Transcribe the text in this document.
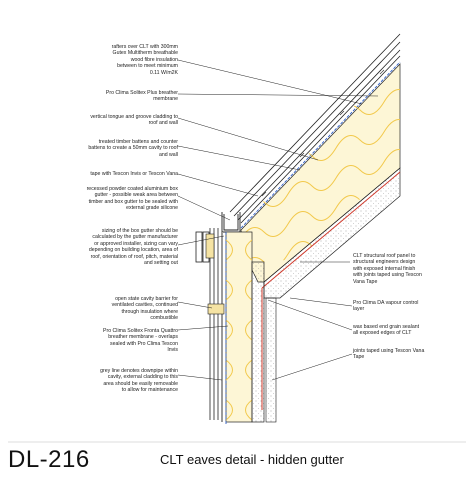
rafters over CLT with 300mm
Gutex Multitherm breathable
wood fibre insulation
between to meet minimum
0.11 W/m2K
Pro Clima Solitex Plus breather
membrane
vertical tongue and groove cladding to
roof and wall
treated timber battens and counter
battens to create a 50mm cavity to roof
and wall
tape with Tescon Invis or Tescon Vana
recessed powder coated aluminium box
gutter - possible weak area between
timber and box gutter to be sealed with
external grade silicone
sizing of the box gutter should be
calculated by the gutter manufacturer
or approved installer, sizing can vary
depending on building location, area of
roof, orientation of roof, pitch, material
and setting out
open state cavity barrier for
ventilated cavities, continued
through insulation where
combustible
Pro Clima Solitex Fronta Quattro
breather membrane - overlaps
sealed with Pro Clima Tescon
Invis
grey line denotes downpipe within
cavity, external cladding to this
area should be easily removable
to allow for maintenance
CLT structural roof panel to
structural engineers design
with exposed internal finish
with joints taped using Tescon
Vana Tape
Pro Clima DA vapour control
layer
wax based end grain sealant
all exposed edges of CLT
joints taped using Tescon Vana
Tape
DL-216	CLT eaves detail - hidden gutter
